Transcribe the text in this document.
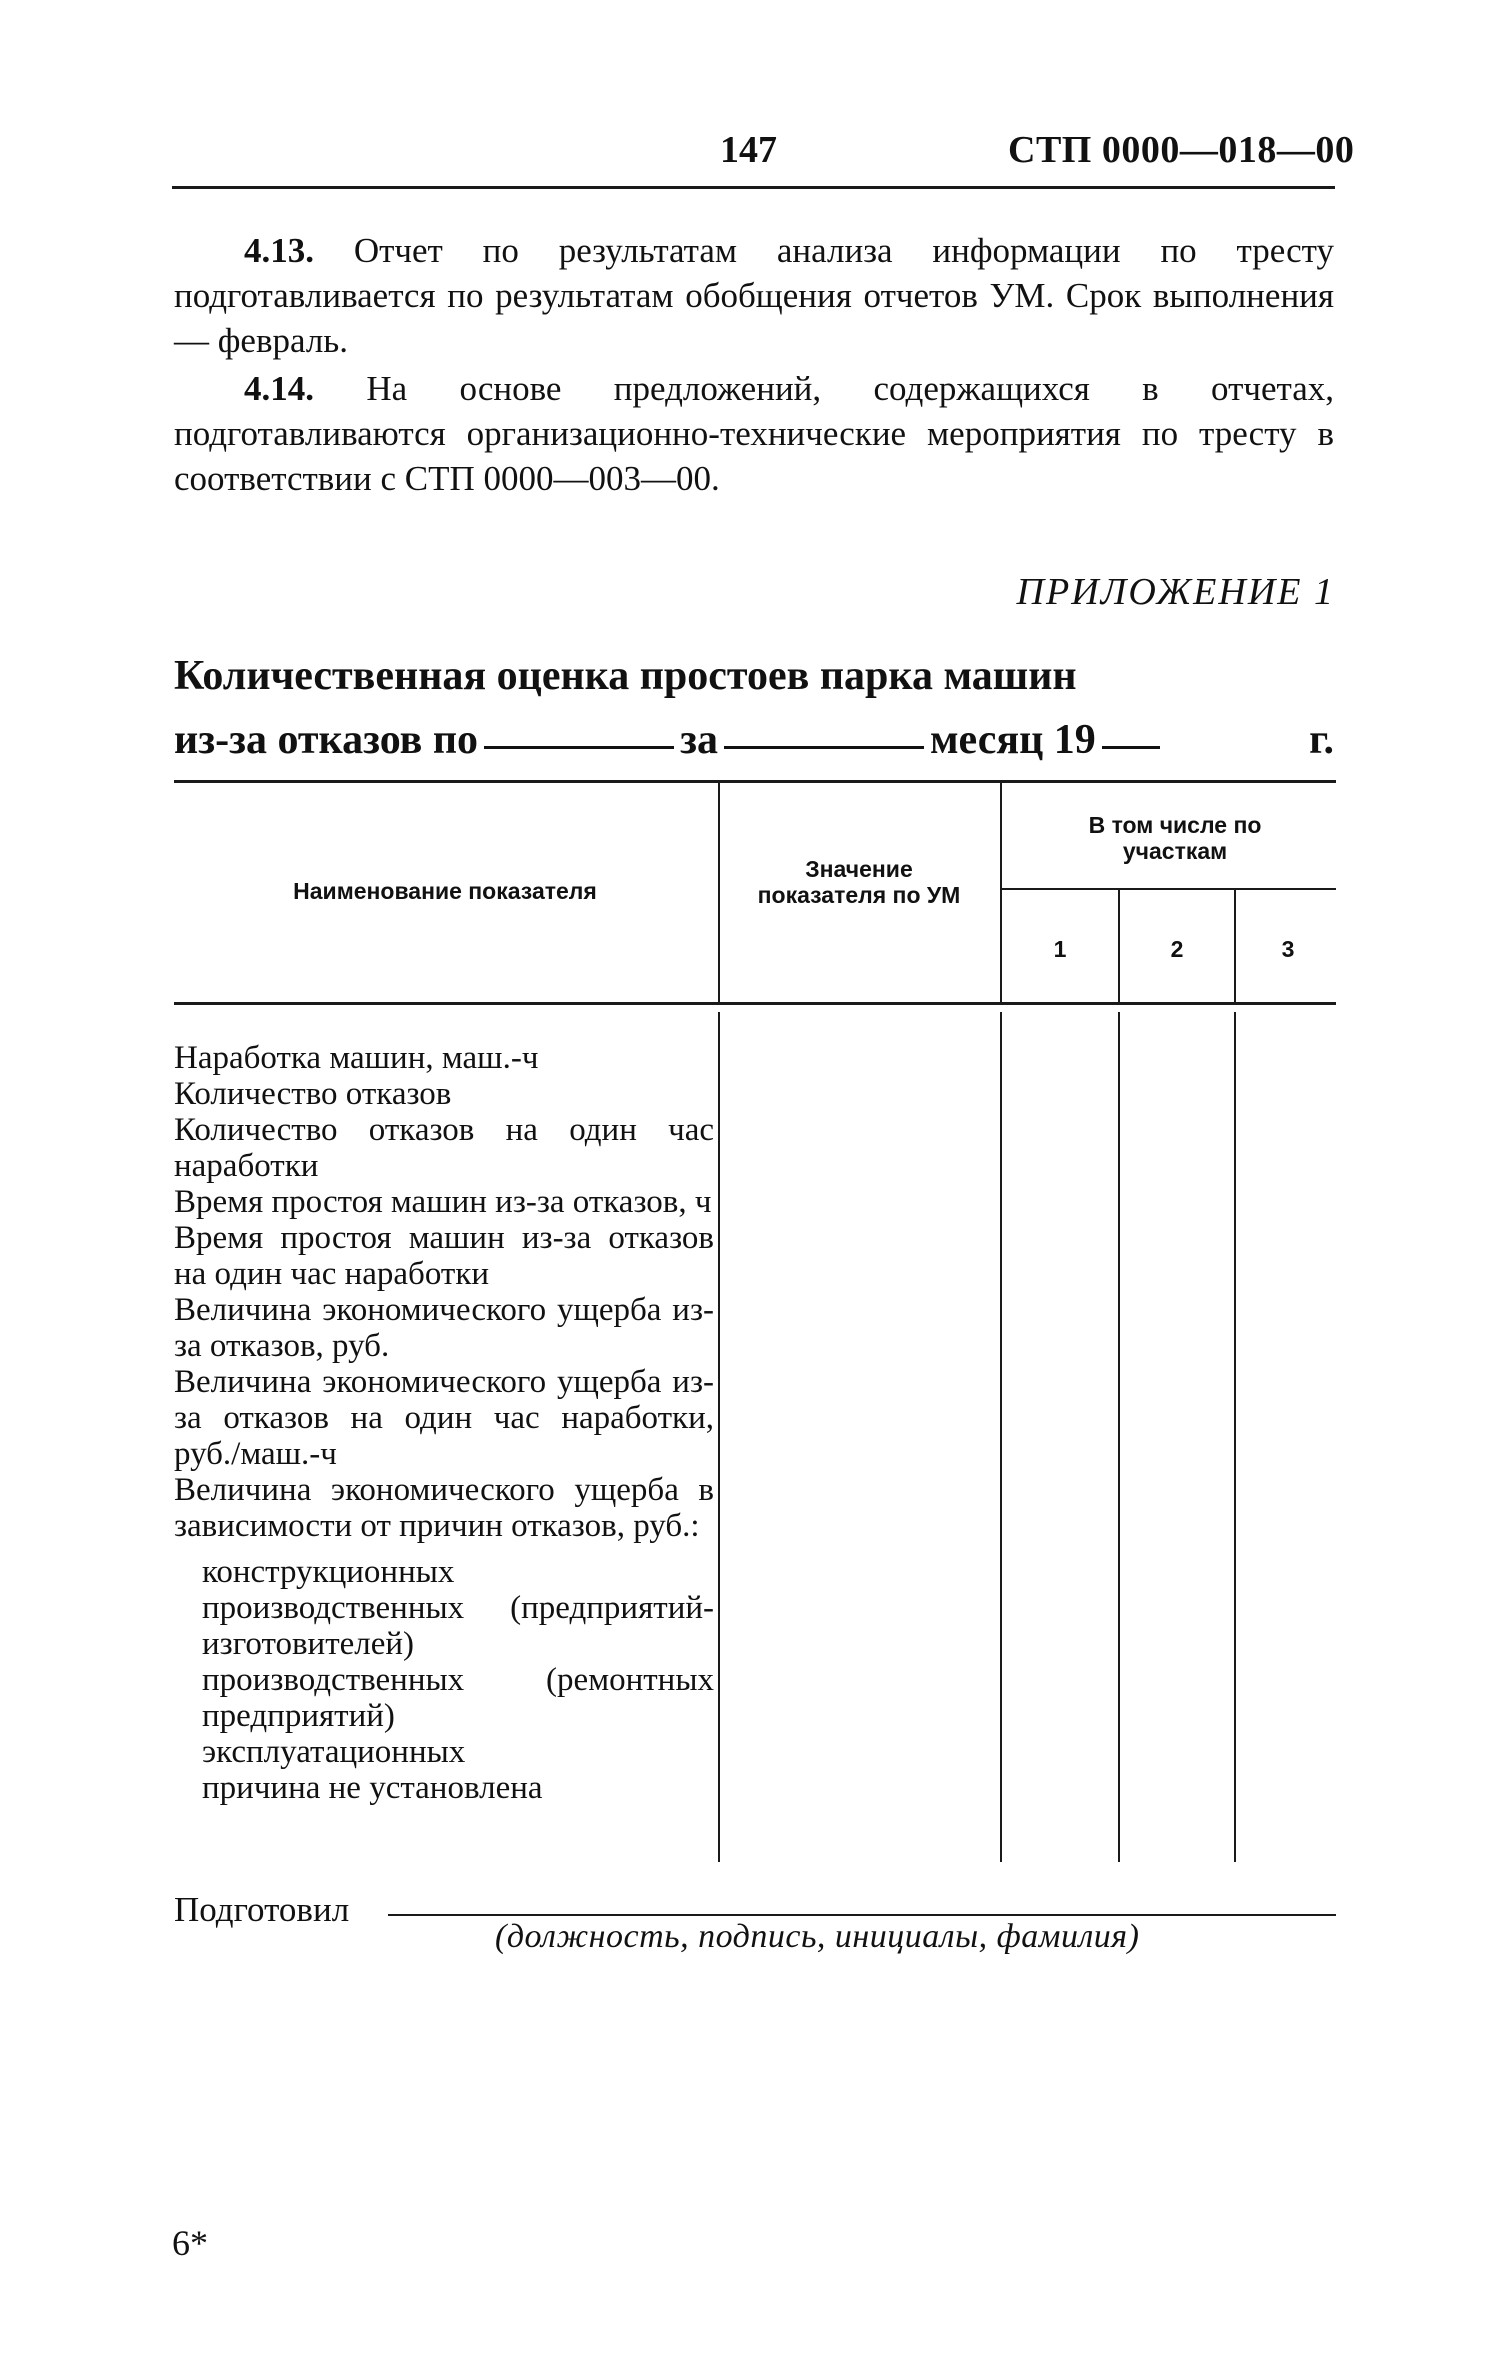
147	СТП 0000—018—00
4.13. Отчет по результатам анализа информации по тресту подготавливается по результатам обобщения отчетов УМ. Срок выполнения — февраль.
4.14. На основе предложений, содержащихся в отчетах, подготавливаются организационно-технические мероприятия по тресту в соответствии с СТП 0000—003—00.
ПРИЛОЖЕНИЕ 1
Количественная оценка простоев парка машин
из-за отказов по	за	месяц 19	г.
Наименование показателя
Значение показателя по УМ
В том числе по участкам
1	2	3
Наработка машин, маш.-ч
Количество отказов
Количество отказов на один час наработки
Время простоя машин из-за отказов, ч
Время простоя машин из-за отказов на один час наработки
Величина экономического ущерба из-за отказов, руб.
Величина экономического ущерба из-за отказов на один час наработки, руб./маш.-ч
Величина экономического ущерба в зависимости от причин отказов, руб.:
конструкционных
производственных (предприятий-изготовителей)
производственных (ремонтных предприятий)
эксплуатационных
причина не установлена
Подготовил
(должность, подпись, инициалы, фамилия)
6*
